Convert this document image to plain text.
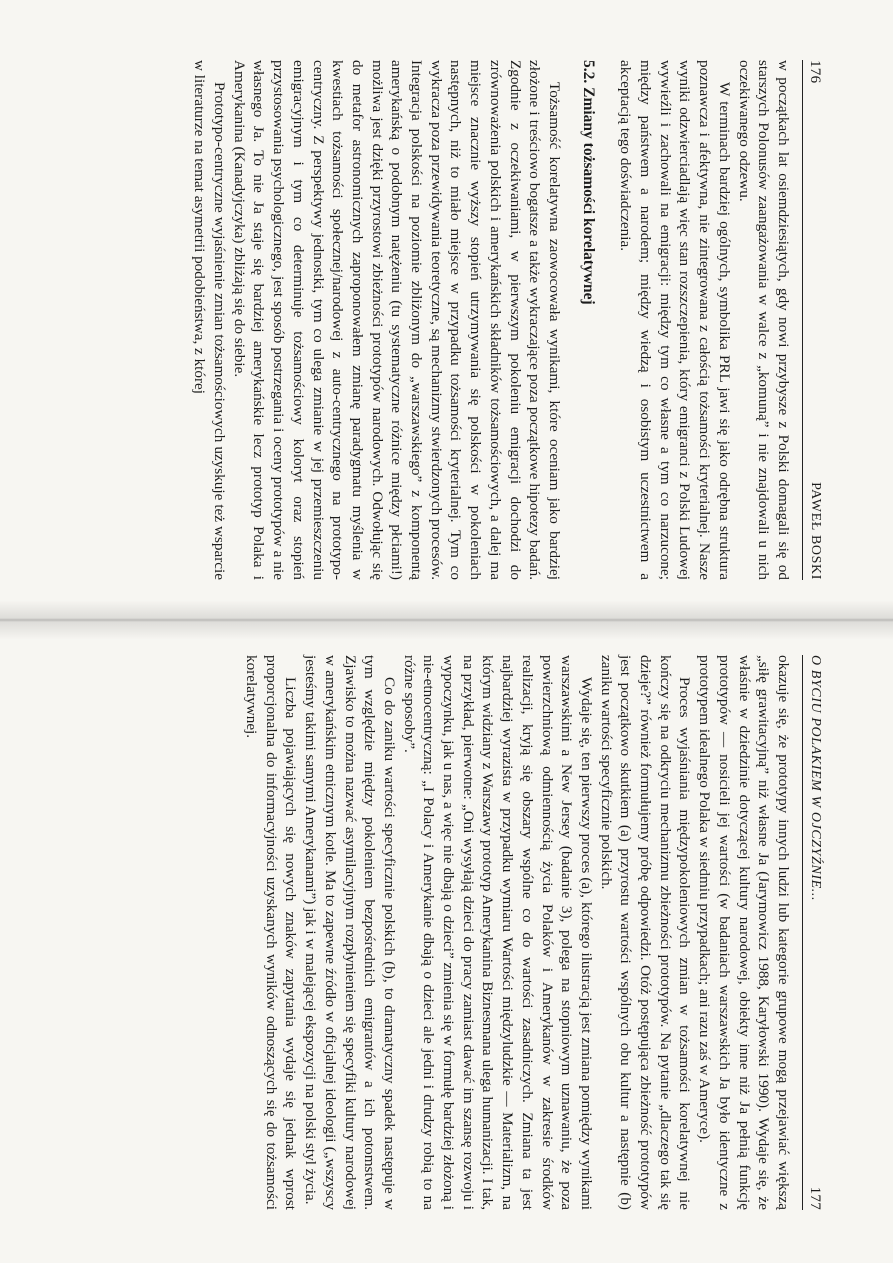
176
PAWEŁ BOSKI

w początkach lat osiemdziesiątych, gdy nowi przybysze z Polski domagali się od starszych Polonusów zaangażowania w walce z „komuną” i nie znajdowali u nich oczekiwanego odzewu.

W terminach bardziej ogólnych, symbolika PRL jawi się jako odrębna struktura poznawcza i afektywna, nie zintegrowana z całością tożsamości kryterialnej. Nasze wyniki odzwierciadlają więc stan rozszczepienia, który emigranci z Polski Ludowej wywieźli i zachowali na emigracji: między tym co własne a tym co narzucone; między państwem a narodem; między wiedzą i osobistym uczestnictwem a akceptacją tego doświadczenia.

5.2. Zmiany tożsamości korelatywnej

Tożsamość korelatywna zaowocowała wynikami, które oceniam jako bardziej złożone i treściowo bogatsze a także wykraczające poza początkowe hipotezy badań. Zgodnie z oczekiwaniami, w pierwszym pokoleniu emigracji dochodzi do zrównoważenia polskich i amerykańskich składników tożsamościowych, a dalej ma miejsce znacznie wyższy stopień utrzymywania się polskości w pokoleniach następnych, niż to miało miejsce w przypadku tożsamości kryterialnej. Tym co wykracza poza przewidywania teoretyczne, są mechanizmy stwierdzonych procesów. Integracja polskości na poziomie zbliżonym do „warszawskiego” z komponentą amerykańską o podobnym natężeniu (tu systematyczne różnice między płciami!) możliwa jest dzięki przyrostowi zbieżności prototypów narodowych. Odwołując się do metafor astronomicznych zaproponowałem zmianę paradygmatu myślenia w kwestiach tożsamości społecznej/narodowej z auto-centrycznego na prototypo-centryczny. Z perspektywy jednostki, tym co ulega zmianie w jej przemieszczeniu emigracyjnym i tym co determinuje tożsamościowy koloryt oraz stopień przystosowania psychologicznego, jest sposób postrzegania i oceny prototypów a nie własnego Ja. To nie Ja staje się bardziej amerykańskie lecz prototyp Polaka i Amerykanina (Kanadyjczyka) zbliżają się do siebie.

Prototypo-centryczne wyjaśnienie zmian tożsamościowych uzyskuje też wsparcie w literaturze na temat asymetrii podobieństwa, z której

O BYCIU POLAKIEM W OJCZYŹNIE...
177

okazuje się, że prototypy innych ludzi lub kategorie grupowe mogą przejawiać większą „siłę grawitacyjną” niż własne Ja (Jarymowicz 1988, Karyłowski 1990). Wydaje się, że właśnie w dziedzinie dotyczącej kultury narodowej, obiekty inne niż Ja pełnią funkcję prototypów — nosicieli jej wartości (w badaniach warszawskich Ja było identyczne z prototypem idealnego Polaka w siedmiu przypadkach; ani razu zaś w Ameryce).

Proces wyjaśniania międzypokoleniowych zmian w tożsamości korelatywnej nie kończy się na odkryciu mechanizmu zbieżności prototypów. Na pytanie „dlaczego tak się dzieje?” również formułujemy próbę odpowiedzi. Otóż postępująca zbieżność prototypów jest początkowo skutkiem (a) przyrostu wartości wspólnych obu kultur a następnie (b) zaniku wartości specyficznie polskich.

Wydaje się, ten pierwszy proces (a), którego ilustracją jest zmiana pomiędzy wynikami warszawskimi a New Jersey (badanie 3), polega na stopniowym uznawaniu, że poza powierzchniową odmiennością życia Polaków i Amerykanów w zakresie środków realizacji, kryją się obszary wspólne co do wartości zasadniczych. Zmiana ta jest najbardziej wyrazista w przypadku wymiaru Wartości międzyludzkie — Materializm, na którym widziany z Warszawy prototyp Amerykanina Biznesmana ulega humanizacji. I tak, na przykład, pierwotne: „Oni wysyłają dzieci do pracy zamiast dawać im szansę rozwoju i wypoczynku, jak u nas, a więc nie dbają o dzieci” zmienia się w formułę bardziej złożoną i nie-etnocentryczną: „I Polacy i Amerykanie dbają o dzieci ale jedni i drudzy robią to na różne sposoby”.

Co do zaniku wartości specyficznie polskich (b), to dramatyczny spadek następuje w tym względzie między pokoleniem bezpośrednich emigrantów a ich potomstwem. Zjawisko to można nazwać asymilacyjnym rozpłynieniem się specyfiki kultury narodowej w amerykańskim etnicznym kotle. Ma to zapewne źródło w oficjalnej ideologii („wszyscy jesteśmy takimi samymi Amerykanami”) jak i w malejącej ekspozycji na polski styl życia.

Liczba pojawiających się nowych znaków zapytania wydaje się jednak wprost proporcjonalna do informacyjności uzyskanych wyników odnoszących się do tożsamości korelatywnej.
